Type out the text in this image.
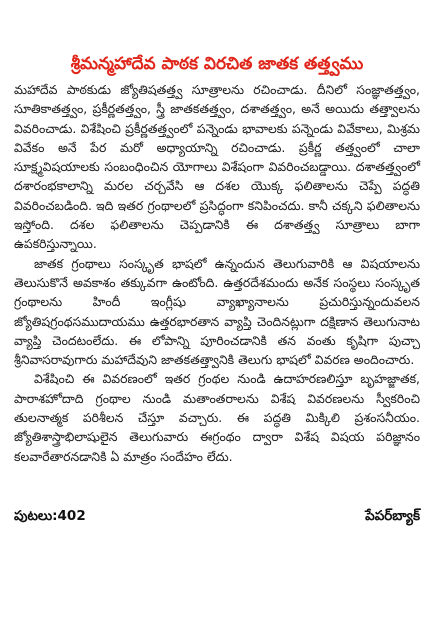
శ్రీమన్మహాదేవ పాఠక విరచిత జాతక తత్త్వము

మహాదేవ పాఠకుడు జ్యోతిషతత్త్వ సూత్రాలను రచించాడు. దీనిలో సంజ్ఞాతత్త్వం, సూతికాతత్త్వం, ప్రకీర్ణతత్త్వం, స్త్రీ జాతకతత్త్వం, దశాతత్త్వం, అనే అయిదు తత్త్వాలను వివరించాడు. విశేషించి ప్రకీర్ణతత్త్వంలో పన్నెండు భావాలకు పన్నెండు వివేకాలు, మిశ్రమ వివేకం అనే పేర మరో అధ్యాయాన్ని రచించాడు. ప్రకీర్ణ తత్త్వంలో చాలా సూక్ష్మవిషయాలకు సంబంధించిన యోగాలు విశేషంగా వివరించబడ్డాయి. దశాతత్త్వంలో దశారంభకాలాన్ని మరల చర్చవేసి ఆ దశల యొక్క ఫలితాలను చెప్పే పద్ధతి వివరించబడింది. ఇది ఇతర గ్రంథాలలో ప్రసిద్ధంగా కనిపించదు. కానీ చక్కని ఫలితాలను ఇస్తోంది. దశల ఫలితాలను చెప్పడానికి ఈ దశాతత్త్వ సూత్రాలు బాగా ఉపకరిస్తున్నాయి.

జాతక గ్రంథాలు సంస్కృత భాషలో ఉన్నందున తెలుగువారికి ఆ విషయాలను తెలుసుకొనే అవకాశం తక్కువగా ఉంటోంది. ఉత్తరదేశమందు అనేక సంస్థలు సంస్కృత గ్రంథాలను హిందీ ఇంగ్లీషు వ్యాఖ్యానాలను ప్రచురిస్తున్నందువలన జ్యోతిషగ్రంథసముదాయము ఉత్తరభారతాన వ్యాప్తి చెందినట్లుగా దక్షిణాన తెలుగునాట వ్యాప్తి చెందటంలేదు. ఈ లోపాన్ని పూరించడానికి తన వంతు కృషిగా పుచ్చా శ్రీనివాసరావుగారు మహాదేవుని జాతకతత్త్వానికి తెలుగు భాషలో వివరణ అందించారు.

విశేషించి ఈ వివరణంలో ఇతర గ్రంథల నుండి ఉదాహరణలిస్తూ బృహజ్జాతక, పారాశహోదాది గ్రంథాల నుండి మతాంతరాలను విశేష వివరణలను స్వీకరించి తులనాత్మక పరిశీలన చేస్తూ వచ్చారు. ఈ పద్ధతి మిక్కిలి ప్రశంసనీయం. జ్యోతిశాస్త్రాభిలాషులైన తెలుగువారు ఈగ్రంథం ద్వారా విశేష విషయ పరిజ్ఞానం కలవారేతారనడానికి ఏ మాత్రం సందేహం లేదు.

పుటలు:402	పేపర్‌బ్యాక్
